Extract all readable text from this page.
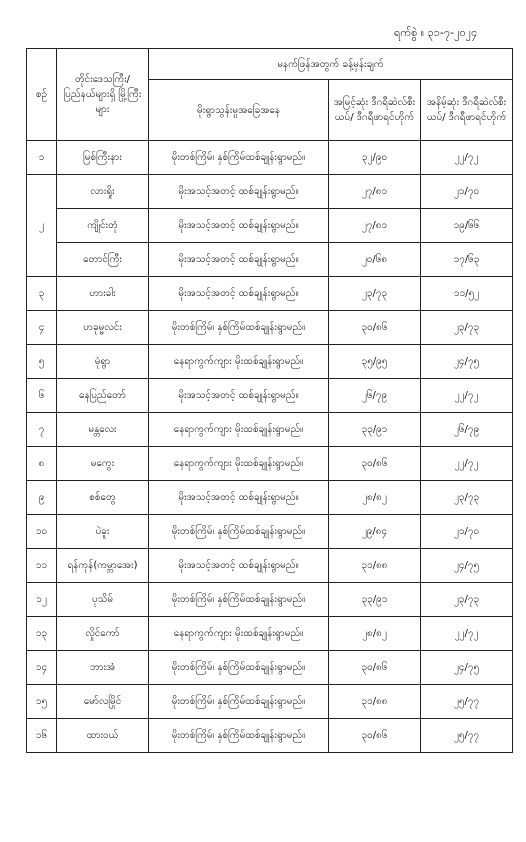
ရက်စွဲ ။ ၃၁-၇-၂၀၂၄
စဉ်	တိုင်းဒေသကြီး/ ပြည်နယ်များရှိ မြို့ကြီးများ	မနက်ဖြန်အတွက် ခန့်မှန်းချက်		
		မိုးရွာသွန်းမှုအခြေအနေ	အမြင့်ဆုံး ဒီဂရီဆဲလ်စီးယပ်/ ဒီဂရီဖာရင်ဟိုက်	အနိမ့်ဆုံး ဒီဂရီဆဲလ်စီးယပ်/ ဒီဂရီဖာရင်ဟိုက်
၁	မြစ်ကြီးနား	မိုးတစ်ကြိမ်၊ နှစ်ကြိမ်ထစ်ချုန်းရွာမည်။	၃၂/၉၀	၂၂/၇၂
၂	လားရှိုး	မိုးအသင့်အတင့် ထစ်ချုန်းရွာမည်။	၂၇/၈၁	၂၁/၇၀
	ကျိုင်းတုံ	မိုးအသင့်အတင့် ထစ်ချုန်းရွာမည်။	၂၇/၈၁	၁၉/၆၆
	တောင်ကြီး	မိုးအသင့်အတင့် ထစ်ချုန်းရွာမည်။	၂၀/၆၈	၁၇/၆၃
၃	ဟားခါး	မိုးအသင့်အတင့် ထစ်ချုန်းရွာမည်။	၂၃/၇၃	၁၁/၅၂
၄	ဟခုမ္မလင်း	မိုးတစ်ကြိမ်၊ နှစ်ကြိမ်ထစ်ချုန်းရွာမည်။	၃၀/၈၆	၂၃/၇၃
၅	မုံရွာ	နေရာကွက်ကျား မိုးထစ်ချုန်းရွာမည်။	၃၅/၉၅	၂၄/၇၅
၆	နေပြည်တော်	မိုးအသင့်အတင့် ထစ်ချုန်းရွာမည်။	၂၆/၇၉	၂၂/၇၂
၇	မန္တလေး	နေရာကွက်ကျား မိုးထစ်ချုန်းရွာမည်။	၃၃/၉၁	၂၆/၇၉
၈	မကွေး	နေရာကွက်ကျား မိုးထစ်ချုန်းရွာမည်။	၃၀/၈၆	၂၂/၇၂
၉	စစ်တွေ	မိုးအသင့်အတင့် ထစ်ချုန်းရွာမည်။	၂၈/၈၂	၂၃/၇၃
၁၀	ပဲခူး	မိုးတစ်ကြိမ်၊ နှစ်ကြိမ်ထစ်ချုန်းရွာမည်။	၂၉/၈၄	၂၁/၇၀
၁၁	ရန်ကုန်(ကမ္ဘာအေး)	မိုးအသင့်အတင့် ထစ်ချုန်းရွာမည်။	၃၁/၈၈	၂၄/၇၅
၁၂	ပုသိမ်	မိုးတစ်ကြိမ်၊ နှစ်ကြိမ်ထစ်ချုန်းရွာမည်။	၃၃/၉၁	၂၃/၇၃
၁၃	လှိုင်ကော်	နေရာကွက်ကျား မိုးထစ်ချုန်းရွာမည်။	၂၈/၈၂	၂၂/၇၂
၁၄	ဘားအံ	မိုးတစ်ကြိမ်၊ နှစ်ကြိမ်ထစ်ချုန်းရွာမည်။	၃၀/၈၆	၂၄/၇၅
၁၅	မော်လမြိုင်	မိုးတစ်ကြိမ်၊ နှစ်ကြိမ်ထစ်ချုန်းရွာမည်။	၃၁/၈၈	၂၅/၇၇
၁၆	ထားဝယ်	မိုးတစ်ကြိမ်၊ နှစ်ကြိမ်ထစ်ချုန်းရွာမည်။	၃၀/၈၆	၂၅/၇၇
